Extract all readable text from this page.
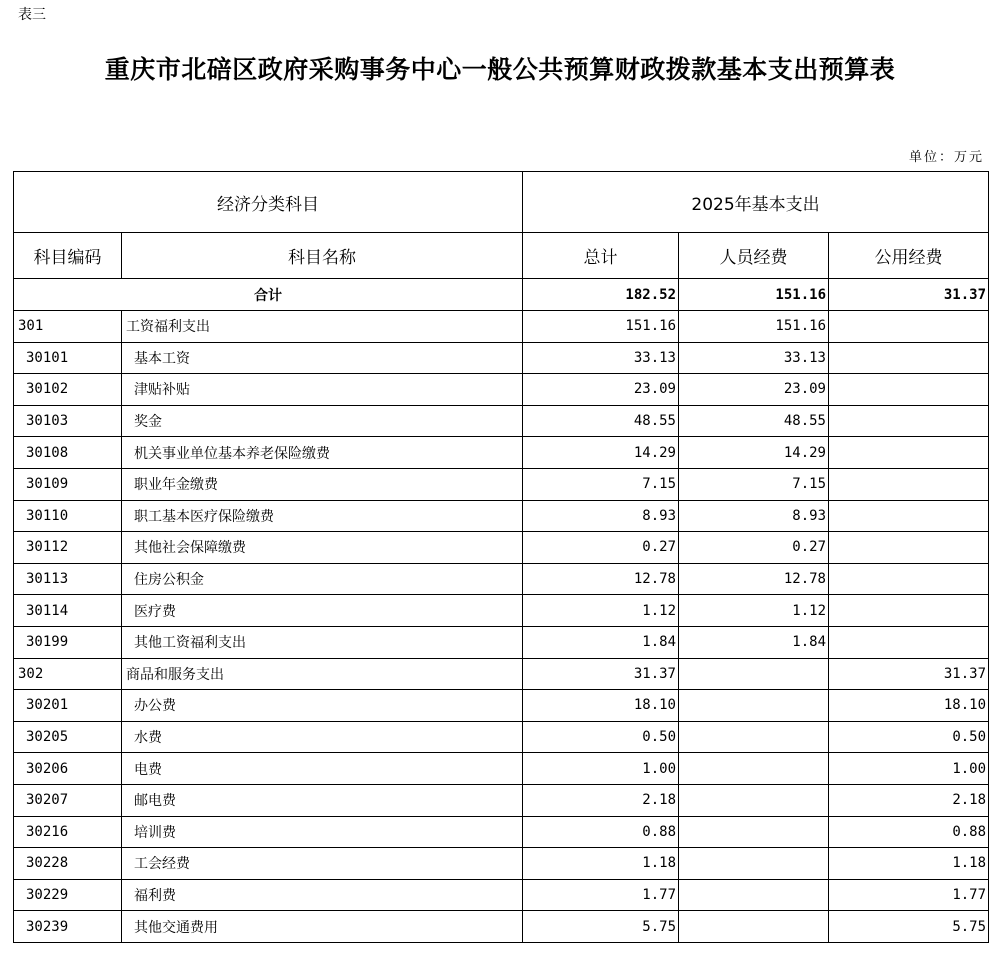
表三
重庆市北碚区政府采购事务中心一般公共预算财政拨款基本支出预算表
单位：万元
经济分类科目		2025年基本支出		
科目编码	科目名称	总计	人员经费	公用经费
合计		182.52	151.16	31.37
301	工资福利支出	151.16	151.16	
30101	基本工资	33.13	33.13	
30102	津贴补贴	23.09	23.09	
30103	奖金	48.55	48.55	
30108	机关事业单位基本养老保险缴费	14.29	14.29	
30109	职业年金缴费	7.15	7.15	
30110	职工基本医疗保险缴费	8.93	8.93	
30112	其他社会保障缴费	0.27	0.27	
30113	住房公积金	12.78	12.78	
30114	医疗费	1.12	1.12	
30199	其他工资福利支出	1.84	1.84	
302	商品和服务支出	31.37		31.37
30201	办公费	18.10		18.10
30205	水费	0.50		0.50
30206	电费	1.00		1.00
30207	邮电费	2.18		2.18
30216	培训费	0.88		0.88
30228	工会经费	1.18		1.18
30229	福利费	1.77		1.77
30239	其他交通费用	5.75		5.75
